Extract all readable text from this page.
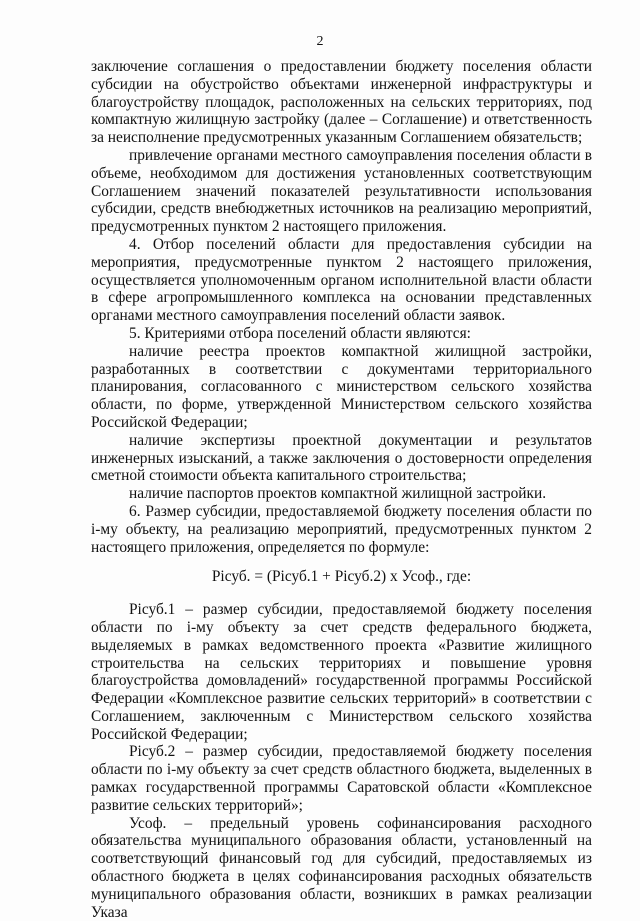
2

заключение соглашения о предоставлении бюджету поселения области субсидии на обустройство объектами инженерной инфраструктуры и благоустройству площадок, расположенных на сельских территориях, под компактную жилищную застройку (далее – Соглашение) и ответственность за неисполнение предусмотренных указанным Соглашением обязательств;

привлечение органами местного самоуправления поселения области в объеме, необходимом для достижения установленных соответствующим Соглашением значений показателей результативности использования субсидии, средств внебюджетных источников на реализацию мероприятий, предусмотренных пунктом 2 настоящего приложения.

4. Отбор поселений области для предоставления субсидии на мероприятия, предусмотренные пунктом 2 настоящего приложения, осуществляется уполномоченным органом исполнительной власти области в сфере агропромышленного комплекса на основании представленных органами местного самоуправления поселений области заявок.

5. Критериями отбора поселений области являются:

наличие реестра проектов компактной жилищной застройки, разработанных в соответствии с документами территориального планирования, согласованного с министерством сельского хозяйства области, по форме, утвержденной Министерством сельского хозяйства Российской Федерации;

наличие экспертизы проектной документации и результатов инженерных изысканий, а также заключения о достоверности определения сметной стоимости объекта капитального строительства;

наличие паспортов проектов компактной жилищной застройки.

6. Размер субсидии, предоставляемой бюджету поселения области по i-му объекту, на реализацию мероприятий, предусмотренных пунктом 2 настоящего приложения, определяется по формуле:

Pісуб. = (Pісуб.1 + Pісуб.2) x Усоф., где:

Pісуб.1 – размер субсидии, предоставляемой бюджету поселения области по i-му объекту за счет средств федерального бюджета, выделяемых в рамках ведомственного проекта «Развитие жилищного строительства на сельских территориях и повышение уровня благоустройства домовладений» государственной программы Российской Федерации «Комплексное развитие сельских территорий» в соответствии с Соглашением, заключенным с Министерством сельского хозяйства Российской Федерации;

Pісуб.2 – размер субсидии, предоставляемой бюджету поселения области по i-му объекту за счет средств областного бюджета, выделенных в рамках государственной программы Саратовской области «Комплексное развитие сельских территорий»;

Усоф. – предельный уровень софинансирования расходного обязательства муниципального образования области, установленный на соответствующий финансовый год для субсидий, предоставляемых из областного бюджета в целях софинансирования расходных обязательств муниципального образования области, возникших в рамках реализации Указа
